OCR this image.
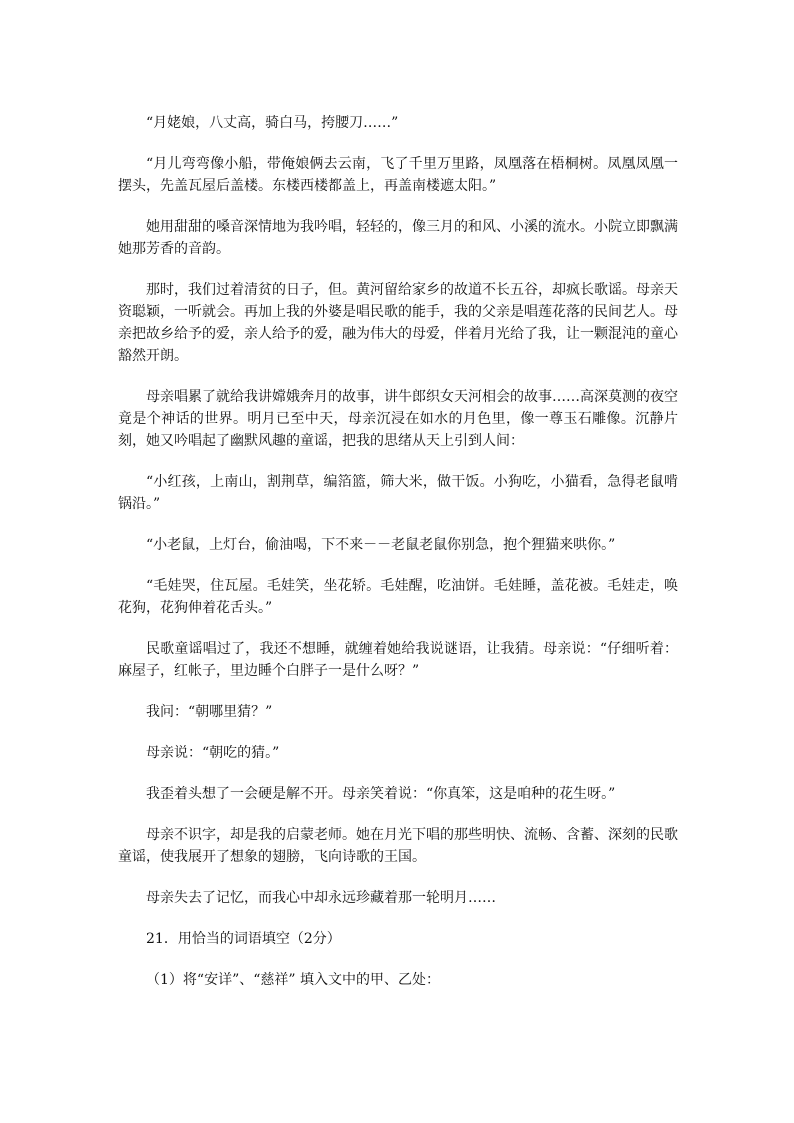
“月姥娘，八丈高，骑白马，挎腰刀……”

“月儿弯弯像小船，带俺娘俩去云南，飞了千里万里路，凤凰落在梧桐树。凤凰凤凰一摆头，先盖瓦屋后盖楼。东楼西楼都盖上，再盖南楼遮太阳。”

她用甜甜的嗓音深情地为我吟唱，轻轻的，像三月的和风、小溪的流水。小院立即飘满她那芳香的音韵。

那时，我们过着清贫的日子，但。黄河留给家乡的故道不长五谷，却疯长歌谣。母亲天资聪颖，一听就会。再加上我的外婆是唱民歌的能手，我的父亲是唱莲花落的民间艺人。母亲把故乡给予的爱，亲人给予的爱，融为伟大的母爱，伴着月光给了我，让一颗混沌的童心豁然开朗。

母亲唱累了就给我讲嫦娥奔月的故事，讲牛郎织女天河相会的故事……高深莫测的夜空竟是个神话的世界。明月已至中天，母亲沉浸在如水的月色里，像一尊玉石雕像。沉静片刻，她又吟唱起了幽默风趣的童谣，把我的思绪从天上引到人间：

“小红孩，上南山，割荆草，编箔篮，筛大米，做干饭。小狗吃，小猫看，急得老鼠啃锅沿。”

“小老鼠，上灯台，偷油喝，下不来－－老鼠老鼠你别急，抱个狸猫来哄你。”

“毛娃哭，住瓦屋。毛娃笑，坐花轿。毛娃醒，吃油饼。毛娃睡，盖花被。毛娃走，唤花狗，花狗伸着花舌头。”

民歌童谣唱过了，我还不想睡，就缠着她给我说谜语，让我猜。母亲说：“仔细听着：麻屋子，红帐子，里边睡个白胖子一是什么呀？”

我问：“朝哪里猜？”

母亲说：“朝吃的猜。”

我歪着头想了一会硬是解不开。母亲笑着说：“你真笨，这是咱种的花生呀。”

母亲不识字，却是我的启蒙老师。她在月光下唱的那些明快、流畅、含蓄、深刻的民歌童谣，使我展开了想象的翅膀，飞向诗歌的王国。

母亲失去了记忆，而我心中却永远珍藏着那一轮明月……

21．用恰当的词语填空（2分）

（1）将“安详”、“慈祥” 填入文中的甲、乙处：
